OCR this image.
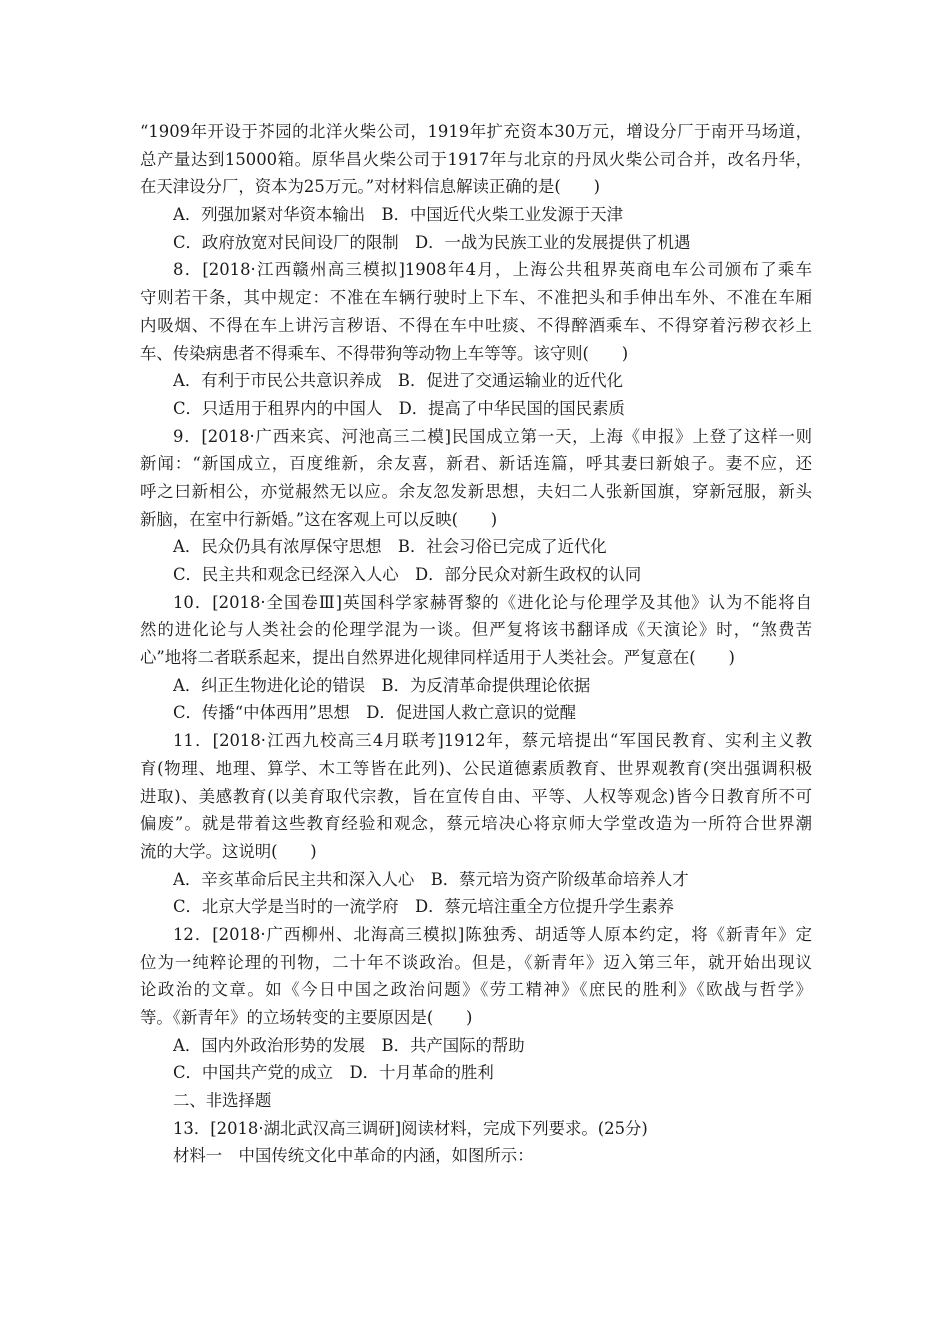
“1909年开设于芥园的北洋火柴公司，1919年扩充资本30万元，增设分厂于南开马场道，
总产量达到15000箱。原华昌火柴公司于1917年与北京的丹凤火柴公司合并，改名丹华，
在天津设分厂，资本为25万元。”对材料信息解读正确的是(　　)
A．列强加紧对华资本输出　B．中国近代火柴工业发源于天津
C．政府放宽对民间设厂的限制　D．一战为民族工业的发展提供了机遇
8．[2018·江西赣州高三模拟]1908年4月，上海公共租界英商电车公司颁布了乘车
守则若干条，其中规定：不准在车辆行驶时上下车、不准把头和手伸出车外、不准在车厢
内吸烟、不得在车上讲污言秽语、不得在车中吐痰、不得醉酒乘车、不得穿着污秽衣衫上
车、传染病患者不得乘车、不得带狗等动物上车等等。该守则(　　)
A．有利于市民公共意识养成　B．促进了交通运输业的近代化
C．只适用于租界内的中国人　D．提高了中华民国的国民素质
9．[2018·广西来宾、河池高三二模]民国成立第一天，上海《申报》上登了这样一则
新闻：“新国成立，百度维新，余友喜，新君、新话连篇，呼其妻曰新娘子。妻不应，还
呼之曰新相公，亦觉赧然无以应。余友忽发新思想，夫妇二人张新国旗，穿新冠服，新头
新脑，在室中行新婚。”这在客观上可以反映(　　)
A．民众仍具有浓厚保守思想　B．社会习俗已完成了近代化
C．民主共和观念已经深入人心　D．部分民众对新生政权的认同
10．[2018·全国卷Ⅲ]英国科学家赫胥黎的《进化论与伦理学及其他》认为不能将自
然的进化论与人类社会的伦理学混为一谈。但严复将该书翻译成《天演论》时，“煞费苦
心”地将二者联系起来，提出自然界进化规律同样适用于人类社会。严复意在(　　)
A．纠正生物进化论的错误　B．为反清革命提供理论依据
C．传播“中体西用”思想　D．促进国人救亡意识的觉醒
11．[2018·江西九校高三4月联考]1912年，蔡元培提出“军国民教育、实利主义教
育(物理、地理、算学、木工等皆在此列)、公民道德素质教育、世界观教育(突出强调积极
进取)、美感教育(以美育取代宗教，旨在宣传自由、平等、人权等观念)皆今日教育所不可
偏废”。就是带着这些教育经验和观念，蔡元培决心将京师大学堂改造为一所符合世界潮
流的大学。这说明(　　)
A．辛亥革命后民主共和深入人心　B．蔡元培为资产阶级革命培养人才
C．北京大学是当时的一流学府　D．蔡元培注重全方位提升学生素养
12．[2018·广西柳州、北海高三模拟]陈独秀、胡适等人原本约定，将《新青年》定
位为一纯粹论理的刊物，二十年不谈政治。但是，《新青年》迈入第三年，就开始出现议
论政治的文章。如《今日中国之政治问题》《劳工精神》《庶民的胜利》《欧战与哲学》
等。《新青年》的立场转变的主要原因是(　　)
A．国内外政治形势的发展　B．共产国际的帮助
C．中国共产党的成立　D．十月革命的胜利
二、非选择题
13．[2018·湖北武汉高三调研]阅读材料，完成下列要求。(25分)
材料一　中国传统文化中革命的内涵，如图所示：
